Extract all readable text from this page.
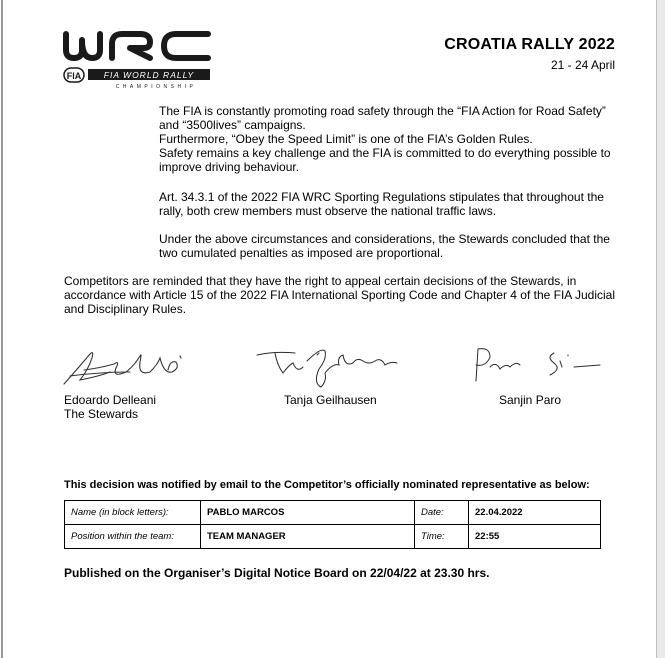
FIA	FIA WORLD RALLY
CHAMPIONSHIP
CROATIA RALLY 2022
21 - 24 April
The FIA is constantly promoting road safety through the “FIA Action for Road Safety”
and “3500lives” campaigns.
Furthermore, “Obey the Speed Limit” is one of the FIA’s Golden Rules.
Safety remains a key challenge and the FIA is committed to do everything possible to
improve driving behaviour.
Art. 34.3.1 of the 2022 FIA WRC Sporting Regulations stipulates that throughout the
rally, both crew members must observe the national traffic laws.
Under the above circumstances and considerations, the Stewards concluded that the
two cumulated penalties as imposed are proportional.
Competitors are reminded that they have the right to appeal certain decisions of the Stewards, in
accordance with Article 15 of the 2022 FIA International Sporting Code and Chapter 4 of the FIA Judicial
and Disciplinary Rules.
Edoardo Delleani
The Stewards
Tanja Geilhausen	Sanjin Paro
This decision was notified by email to the Competitor’s officially nominated representative as below:
Name (in block letters):	PABLO MARCOS	Date:	22.04.2022
Position within the team:	TEAM MANAGER	Time:	22:55
Published on the Organiser’s Digital Notice Board on 22/04/22 at 23.30 hrs.
